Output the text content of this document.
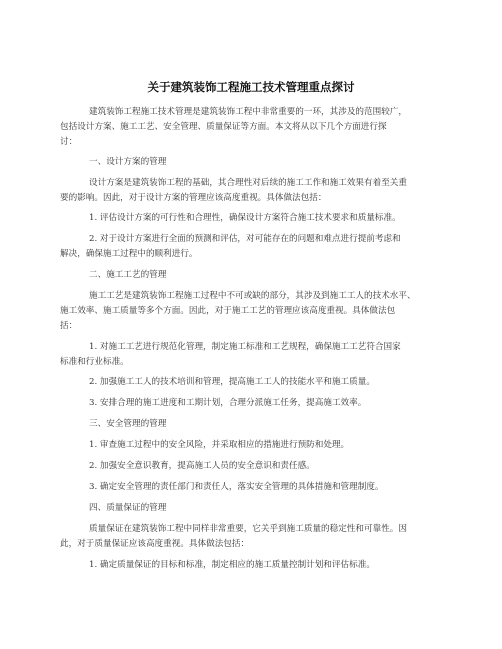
关于建筑装饰工程施工技术管理重点探讨
建筑装饰工程施工技术管理是建筑装饰工程中非常重要的一环，其涉及的范围较广，
包括设计方案、施工工艺、安全管理、质量保证等方面。本文将从以下几个方面进行探
讨：
一、设计方案的管理
设计方案是建筑装饰工程的基础，其合理性对后续的施工工作和施工效果有着至关重
要的影响。因此，对于设计方案的管理应该高度重视。具体做法包括：
1. 评估设计方案的可行性和合理性，确保设计方案符合施工技术要求和质量标准。
2. 对于设计方案进行全面的预测和评估，对可能存在的问题和难点进行提前考虑和
解决，确保施工过程中的顺利进行。
二、施工工艺的管理
施工工艺是建筑装饰工程施工过程中不可或缺的部分，其涉及到施工工人的技术水平、
施工效率、施工质量等多个方面。因此，对于施工工艺的管理应该高度重视。具体做法包
括：
1. 对施工工艺进行规范化管理，制定施工标准和工艺规程，确保施工工艺符合国家
标准和行业标准。
2. 加强施工工人的技术培训和管理，提高施工工人的技能水平和施工质量。
3. 安排合理的施工进度和工期计划，合理分派施工任务，提高施工效率。
三、安全管理的管理
1. 审查施工过程中的安全风险，并采取相应的措施进行预防和处理。
2. 加强安全意识教育，提高施工人员的安全意识和责任感。
3. 确定安全管理的责任部门和责任人，落实安全管理的具体措施和管理制度。
四、质量保证的管理
质量保证在建筑装饰工程中同样非常重要，它关乎到施工质量的稳定性和可靠性。因
此，对于质量保证应该高度重视。具体做法包括：
1. 确定质量保证的目标和标准，制定相应的施工质量控制计划和评估标准。
